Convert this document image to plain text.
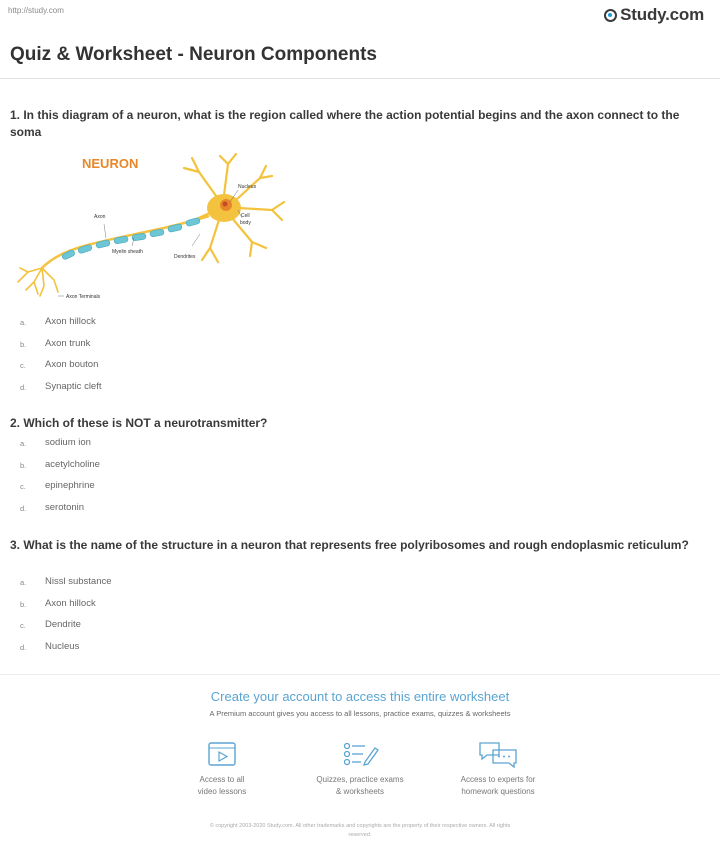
http://study.com	Study.com
Quiz & Worksheet - Neuron Components
1. In this diagram of a neuron, what is the region called where the action potential begins and the axon connect to the soma
NEURON
Nucleus
Cell
body
Axon
Myelin sheath
Dendrites
Axon Terminals
a.	Axon hillock
b.	Axon trunk
c.	Axon bouton
d.	Synaptic cleft
2. Which of these is NOT a neurotransmitter?
a.	sodium ion
b.	acetylcholine
c.	epinephrine
d.	serotonin
3. What is the name of the structure in a neuron that represents free polyribosomes and rough endoplasmic reticulum?
a.	Nissl substance
b.	Axon hillock
c.	Dendrite
d.	Nucleus
Create your account to access this entire worksheet
A Premium account gives you access to all lessons, practice exams, quizzes & worksheets
Access to all
video lessons
Quizzes, practice exams
& worksheets
Access to experts for
homework questions
© copyright 2003-2020 Study.com. All other trademarks and copyrights are the property of their respective owners. All rights
reserved.
